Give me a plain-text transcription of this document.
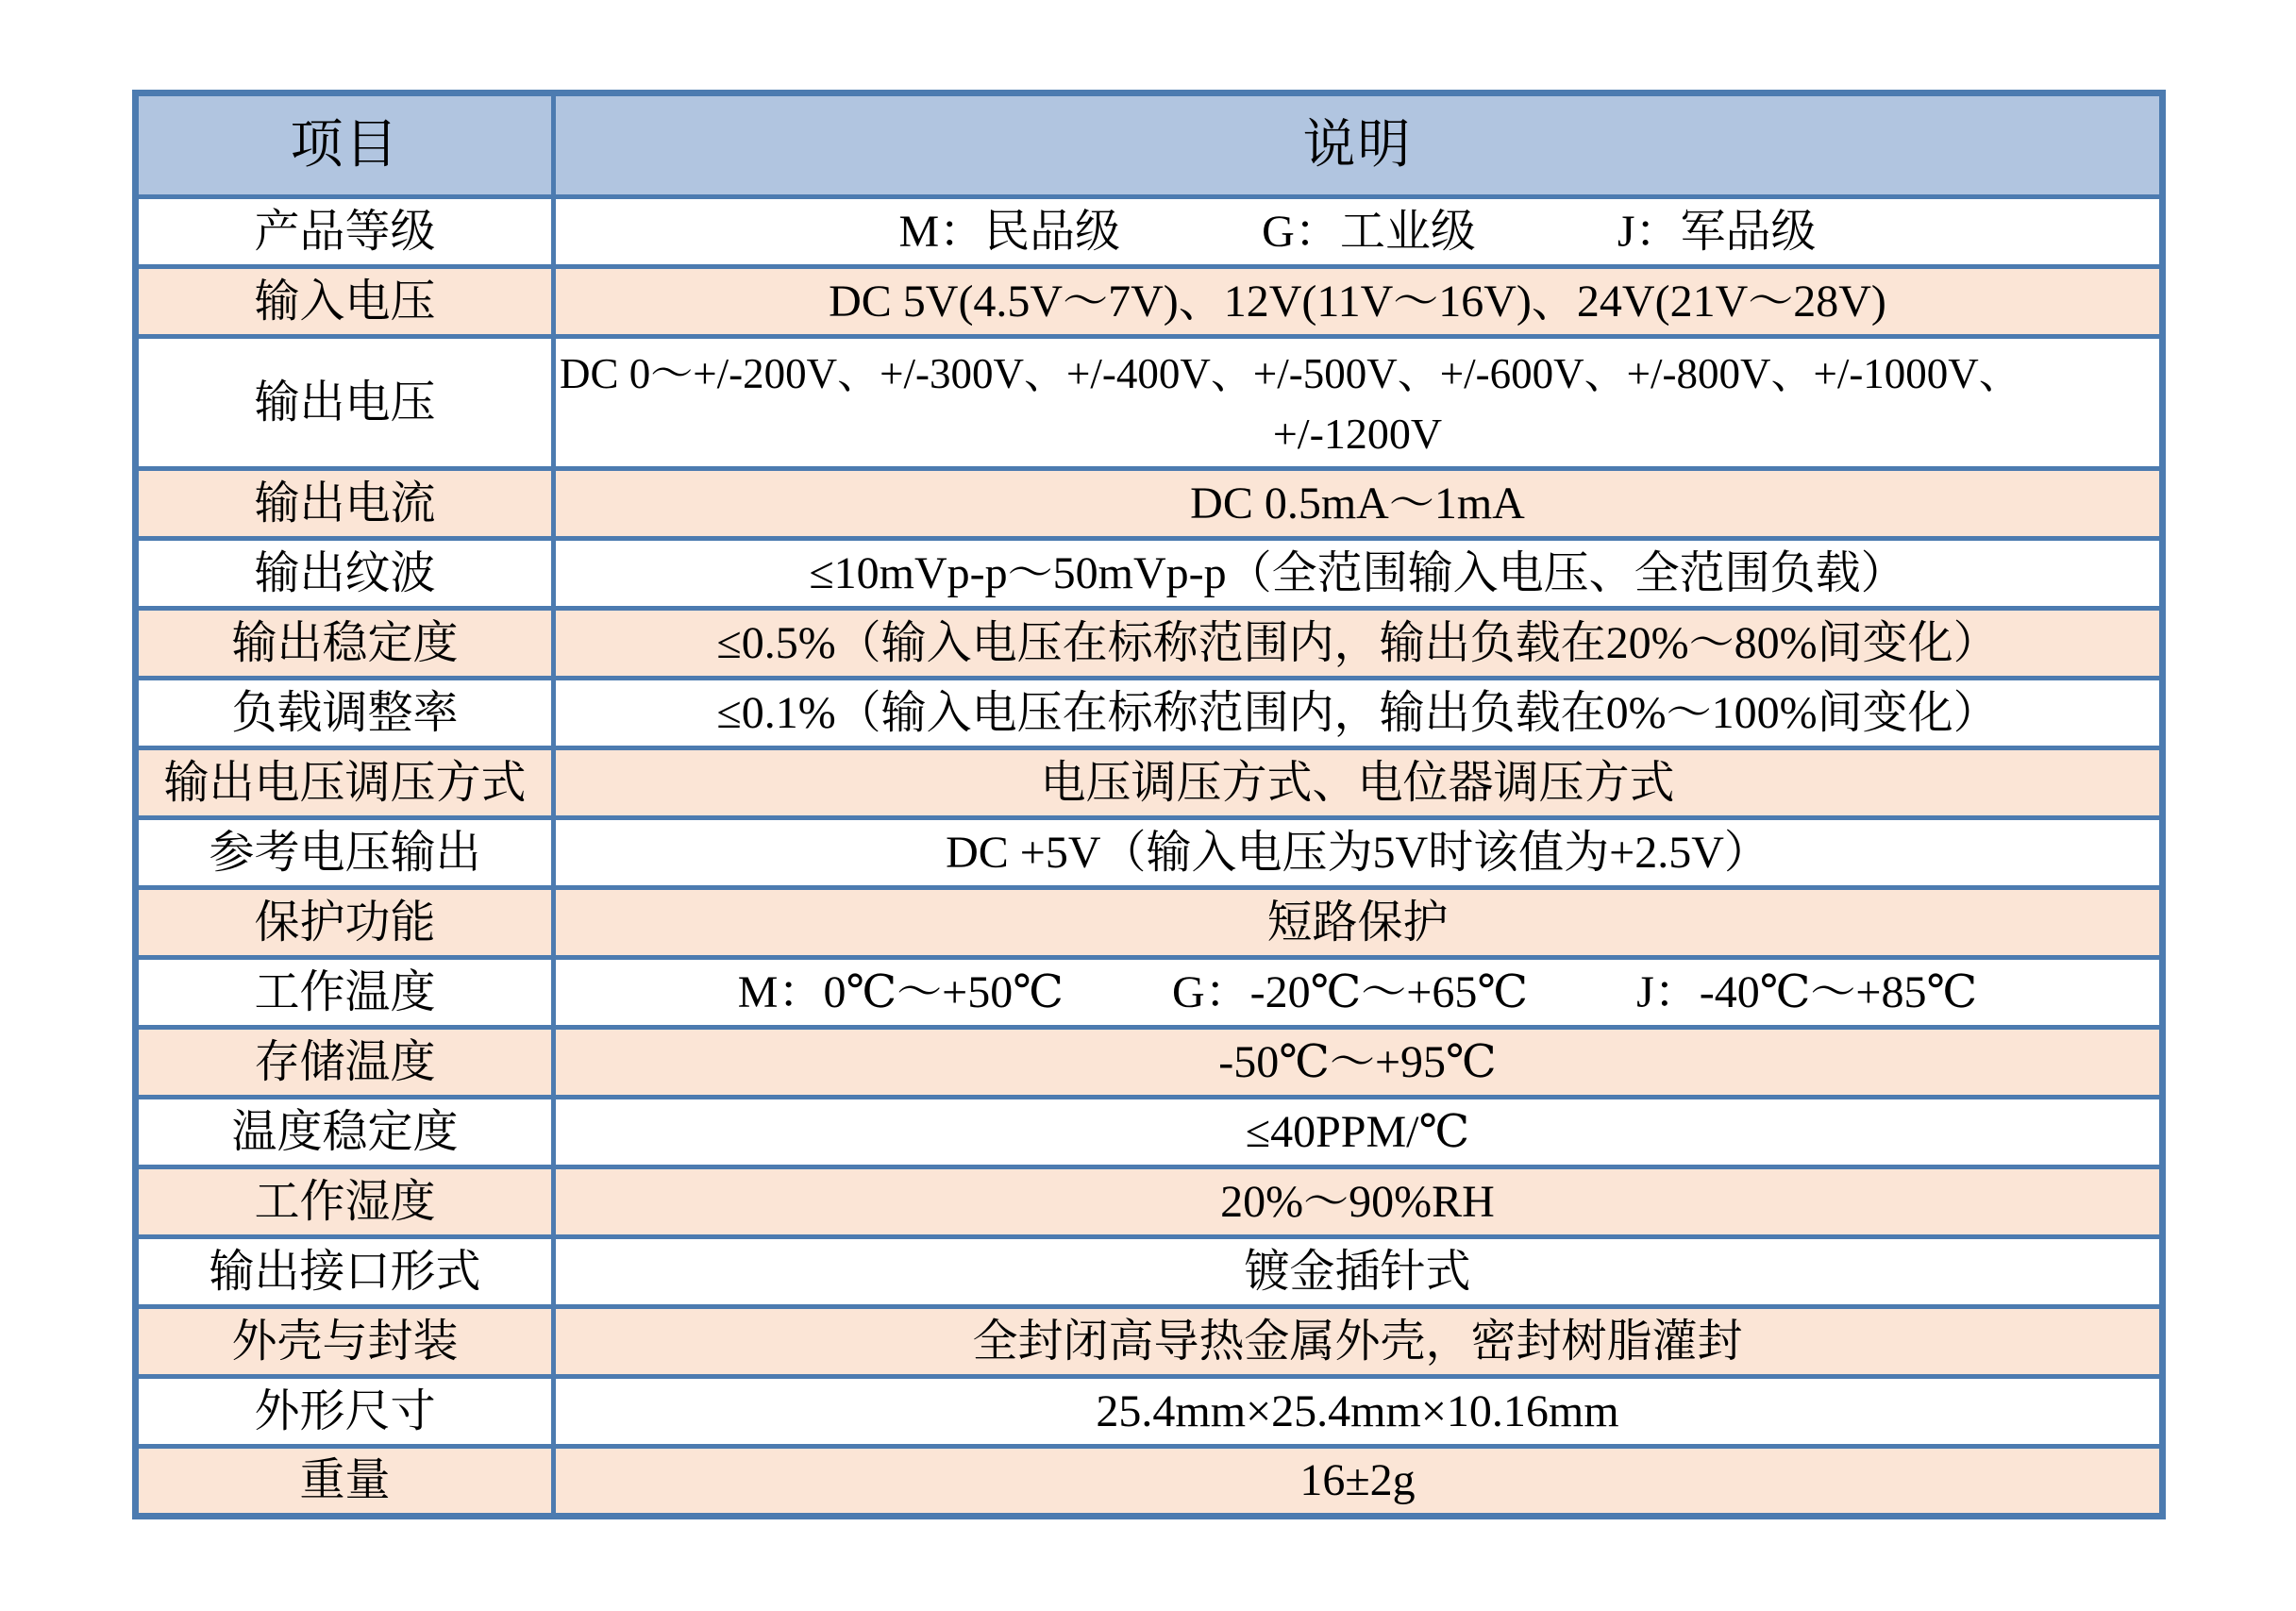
项目	说明
产品等级	M：民品级 G：工业级 J：军品级

输入电压	DC 5V(4.5V～7V)、12V(11V～16V)、24V(21V～28V)
输出电压	DC 0～+/-200V、+/-300V、+/-400V、+/-500V、+/-600V、+/-800V、+/-1000V、
+/-1200V

输出电流	DC 0.5mA～1mA
输出纹波	≤10mVp-p～50mVp-p（全范围输入电压、全范围负载）
输出稳定度	≤0.5%（输入电压在标称范围内，输出负载在20%～80%间变化）
负载调整率	≤0.1%（输入电压在标称范围内，输出负载在0%～100%间变化）
输出电压调压方式	电压调压方式、电位器调压方式
参考电压输出	DC +5V（输入电压为5V时该值为+2.5V）
保护功能	短路保护
工作温度	M：0℃～+50℃ G：-20℃～+65℃ J：-40℃～+85℃

存储温度	-50℃～+95℃
温度稳定度	≤40PPM/℃
工作湿度	20%～90%RH
输出接口形式	镀金插针式
外壳与封装	全封闭高导热金属外壳，密封树脂灌封
外形尺寸	25.4mm×25.4mm×10.16mm
重量	16±2g
